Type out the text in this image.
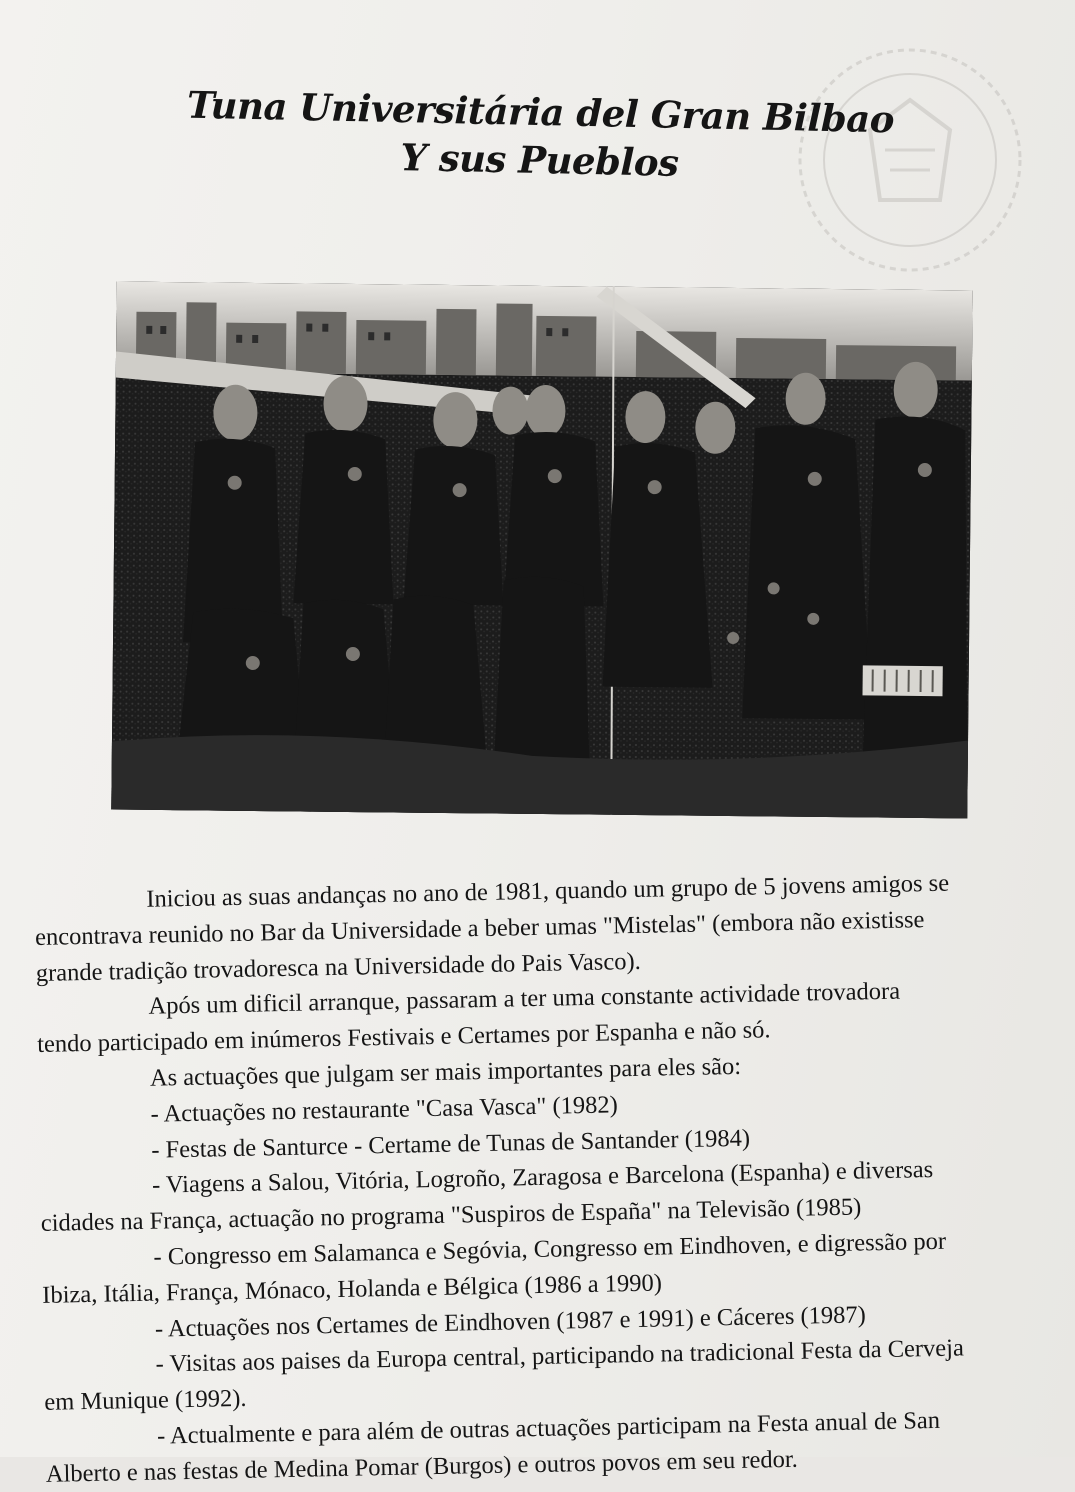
Tuna Universitária del Gran Bilbao
Y sus Pueblos

Iniciou as suas andanças no ano de 1981, quando um grupo de 5 jovens amigos se

encontrava reunido no Bar da Universidade a beber umas "Mistelas" (embora não existisse

grande tradição trovadoresca na Universidade do Pais Vasco).

Após um dificil arranque, passaram a ter uma constante actividade trovadora

tendo participado em inúmeros Festivais e Certames por Espanha e não só.

As actuações que julgam ser mais importantes para eles são:

- Actuações no restaurante "Casa Vasca" (1982)

- Festas de Santurce - Certame de Tunas de Santander (1984)

- Viagens a Salou, Vitória, Logroño, Zaragosa e Barcelona (Espanha) e diversas

cidades na França, actuação no programa "Suspiros de España" na Televisão (1985)

- Congresso em Salamanca e Segóvia, Congresso em Eindhoven, e digressão por

Ibiza, Itália, França, Mónaco, Holanda e Bélgica (1986 a 1990)

- Actuações nos Certames de Eindhoven (1987 e 1991) e Cáceres (1987)

- Visitas aos paises da Europa central, participando na tradicional Festa da Cerveja

em Munique (1992).

- Actualmente e para além de outras actuações participam na Festa anual de San

Alberto e nas festas de Medina Pomar (Burgos) e outros povos em seu redor.
